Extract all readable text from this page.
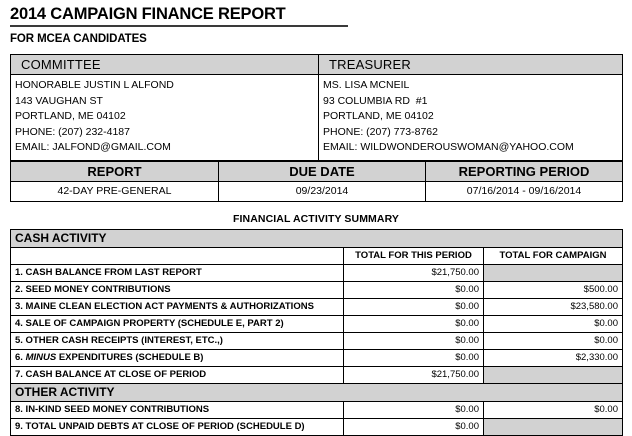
2014 CAMPAIGN FINANCE REPORT
FOR MCEA CANDIDATES
COMMITTEE	TREASURER

HONORABLE JUSTIN L ALFOND
143 VAUGHAN ST
PORTLAND, ME 04102
PHONE: (207) 232-4187
EMAIL: JALFOND@GMAIL.COM

MS. LISA MCNEIL
93 COLUMBIA RD  #1
PORTLAND, ME 04102
PHONE: (207) 773-8762
EMAIL: WILDWONDEROUSWOMAN@YAHOO.COM
REPORT	DUE DATE	REPORTING PERIOD
42-DAY PRE-GENERAL	09/23/2014	07/16/2014 - 09/16/2014
FINANCIAL ACTIVITY SUMMARY
CASH ACTIVITY		
	TOTAL FOR THIS PERIOD	TOTAL FOR CAMPAIGN
1. CASH BALANCE FROM LAST REPORT	$21,750.00	
2. SEED MONEY CONTRIBUTIONS	$0.00	$500.00
3. MAINE CLEAN ELECTION ACT PAYMENTS & AUTHORIZATIONS	$0.00	$23,580.00
4. SALE OF CAMPAIGN PROPERTY (SCHEDULE E, PART 2)	$0.00	$0.00
5. OTHER CASH RECEIPTS (INTEREST, ETC.,)	$0.00	$0.00
6. MINUS EXPENDITURES (SCHEDULE B)	$0.00	$2,330.00
7. CASH BALANCE AT CLOSE OF PERIOD	$21,750.00	
OTHER ACTIVITY		
8. IN-KIND SEED MONEY CONTRIBUTIONS	$0.00	$0.00
9. TOTAL UNPAID DEBTS AT CLOSE OF PERIOD (SCHEDULE D)	$0.00	
